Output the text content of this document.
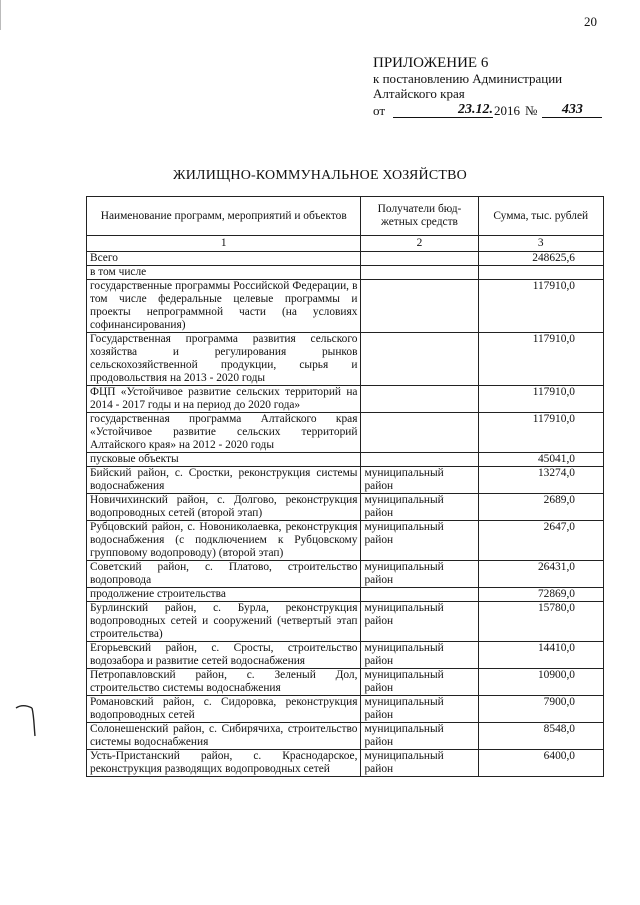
20
ПРИЛОЖЕНИЕ 6
к постановлению Администрации
Алтайского края
от	23.12. 2016 №	433
ЖИЛИЩНО-КОММУНАЛЬНОЕ ХОЗЯЙСТВО
Наименование программ, мероприятий и объектов	Получатели бюд-жетных средств	Сумма, тыс. рублей
1	2	3
Всего		248625,6
в том числе		
государственные программы Российской Федерации, в том числе федеральные целевые программы и проекты непрограммной части (на условиях софинансирования)		117910,0
Государственная программа развития сельского хозяйства и регулирования рынков сельскохозяйственной продукции, сырья и продовольствия на 2013 - 2020 годы		117910,0
ФЦП «Устойчивое развитие сельских территорий на 2014 - 2017 годы и на период до 2020 года»		117910,0
государственная программа Алтайского края «Устойчивое развитие сельских территорий Алтайского края» на 2012 - 2020 годы		117910,0
пусковые объекты		45041,0
Бийский район, с. Сростки, реконструкция системы водоснабжения	муниципальный район	13274,0
Новичихинский район, с. Долгово, реконструкция водопроводных сетей (второй этап)	муниципальный район	2689,0
Рубцовский район, с. Новониколаевка, реконструкция водоснабжения (с подключением к Рубцовскому групповому водопроводу) (второй этап)	муниципальный район	2647,0
Советский район, с. Платово, строительство водопровода	муниципальный район	26431,0
продолжение строительства		72869,0
Бурлинский район, с. Бурла, реконструкция водопроводных сетей и сооружений (четвертый этап строительства)	муниципальный район	15780,0
Егорьевский район, с. Сросты, строительство водозабора и развитие сетей водоснабжения	муниципальный район	14410,0
Петропавловский район, с. Зеленый Дол, строительство системы водоснабжения	муниципальный район	10900,0
Романовский район, с. Сидоровка, реконструкция водопроводных сетей	муниципальный район	7900,0
Солонешенский район, с. Сибирячиха, строительство системы водоснабжения	муниципальный район	8548,0
Усть-Пристанский район, с. Краснодарское, реконструкция разводящих водопроводных сетей	муниципальный район	6400,0
